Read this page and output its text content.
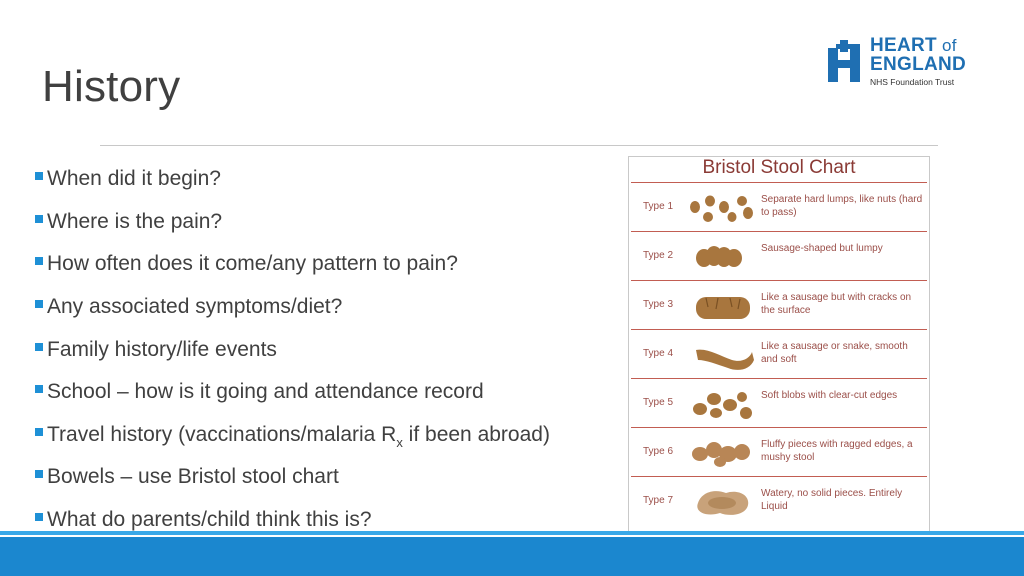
History
HEART of
ENGLAND
NHS Foundation Trust
When did it begin?
Where is the pain?
How often does it come/any pattern to pain?
Any associated symptoms/diet?
Family history/life events
School – how is it going and attendance record
Travel history (vaccinations/malaria $R_x$ if been abroad)
Bowels – use Bristol stool chart
What do parents/child think this is?
Bristol Stool Chart
Type 1
Separate hard lumps, like nuts (hard to pass)
Type 2
Sausage-shaped but lumpy
Type 3
Like a sausage but with cracks on the surface
Type 4
Like a sausage or snake, smooth and soft
Type 5
Soft blobs with clear-cut edges
Type 6
Fluffy pieces with ragged edges, a mushy stool
Type 7
Watery, no solid pieces. Entirely Liquid
